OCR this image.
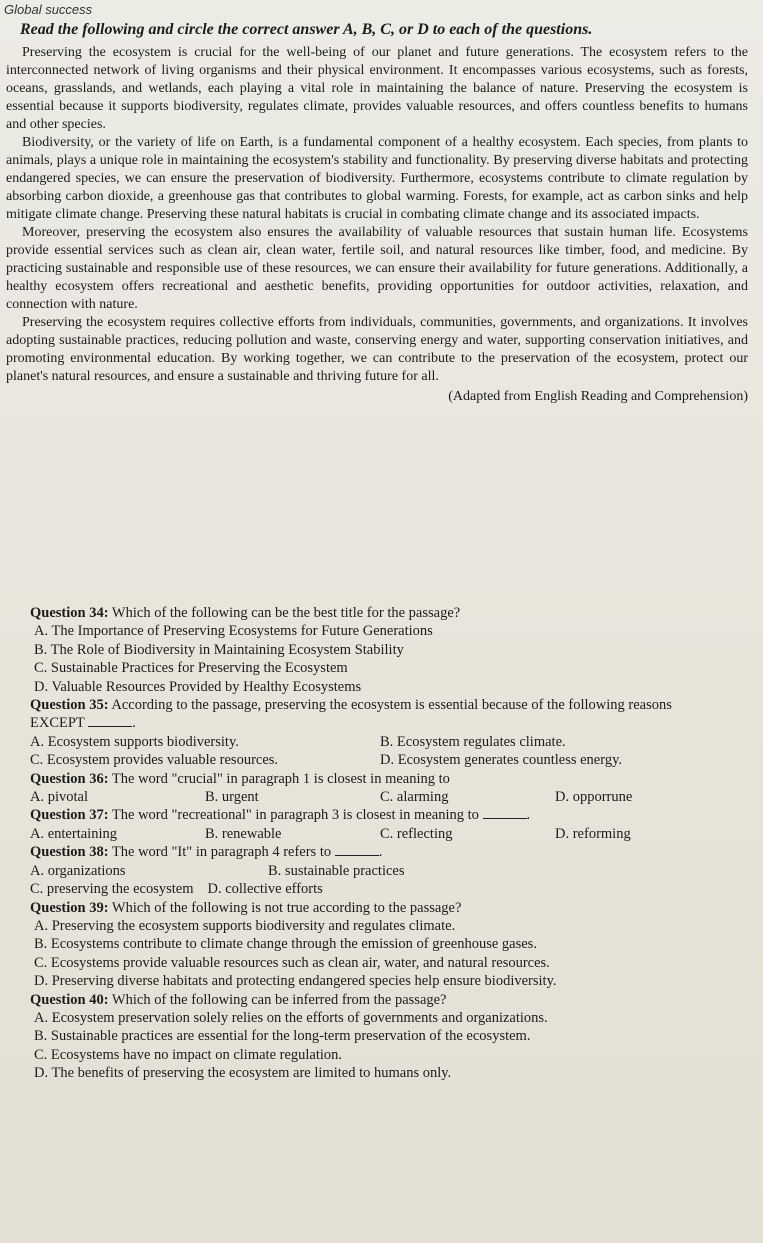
Global success
Read the following and circle the correct answer A, B, C, or D to each of the questions.

Preserving the ecosystem is crucial for the well-being of our planet and future generations. The ecosystem refers to the interconnected network of living organisms and their physical environment. It encompasses various ecosystems, such as forests, oceans, grasslands, and wetlands, each playing a vital role in maintaining the balance of nature. Preserving the ecosystem is essential because it supports biodiversity, regulates climate, provides valuable resources, and offers countless benefits to humans and other species.

Biodiversity, or the variety of life on Earth, is a fundamental component of a healthy ecosystem. Each species, from plants to animals, plays a unique role in maintaining the ecosystem's stability and functionality. By preserving diverse habitats and protecting endangered species, we can ensure the preservation of biodiversity. Furthermore, ecosystems contribute to climate regulation by absorbing carbon dioxide, a greenhouse gas that contributes to global warming. Forests, for example, act as carbon sinks and help mitigate climate change. Preserving these natural habitats is crucial in combating climate change and its associated impacts.

Moreover, preserving the ecosystem also ensures the availability of valuable resources that sustain human life. Ecosystems provide essential services such as clean air, clean water, fertile soil, and natural resources like timber, food, and medicine. By practicing sustainable and responsible use of these resources, we can ensure their availability for future generations. Additionally, a healthy ecosystem offers recreational and aesthetic benefits, providing opportunities for outdoor activities, relaxation, and connection with nature.

Preserving the ecosystem requires collective efforts from individuals, communities, governments, and organizations. It involves adopting sustainable practices, reducing pollution and waste, conserving energy and water, supporting conservation initiatives, and promoting environmental education. By working together, we can contribute to the preservation of the ecosystem, protect our planet's natural resources, and ensure a sustainable and thriving future for all.

(Adapted from English Reading and Comprehension)

Question 34: Which of the following can be the best title for the passage?
A. The Importance of Preserving Ecosystems for Future Generations
B. The Role of Biodiversity in Maintaining Ecosystem Stability
C. Sustainable Practices for Preserving the Ecosystem
D. Valuable Resources Provided by Healthy Ecosystems
Question 35: According to the passage, preserving the ecosystem is essential because of the following reasons EXCEPT	.
A. Ecosystem supports biodiversity.	B. Ecosystem regulates climate.
C. Ecosystem provides valuable resources.	D. Ecosystem generates countless energy.
Question 36: The word "crucial" in paragraph 1 is closest in meaning to
A. pivotal	B. urgent	C. alarming	D. opporrune
Question 37: The word "recreational" in paragraph 3 is closest in meaning to	.
A. entertaining	B. renewable	C. reflecting	D. reforming
Question 38: The word "It" in paragraph 4 refers to	.
A. organizations	B. sustainable practices
C. preserving the ecosystem D. collective efforts
Question 39: Which of the following is not true according to the passage?
A. Preserving the ecosystem supports biodiversity and regulates climate.
B. Ecosystems contribute to climate change through the emission of greenhouse gases.
C. Ecosystems provide valuable resources such as clean air, water, and natural resources.
D. Preserving diverse habitats and protecting endangered species help ensure biodiversity.
Question 40: Which of the following can be inferred from the passage?
A. Ecosystem preservation solely relies on the efforts of governments and organizations.
B. Sustainable practices are essential for the long-term preservation of the ecosystem.
C. Ecosystems have no impact on climate regulation.
D. The benefits of preserving the ecosystem are limited to humans only.
